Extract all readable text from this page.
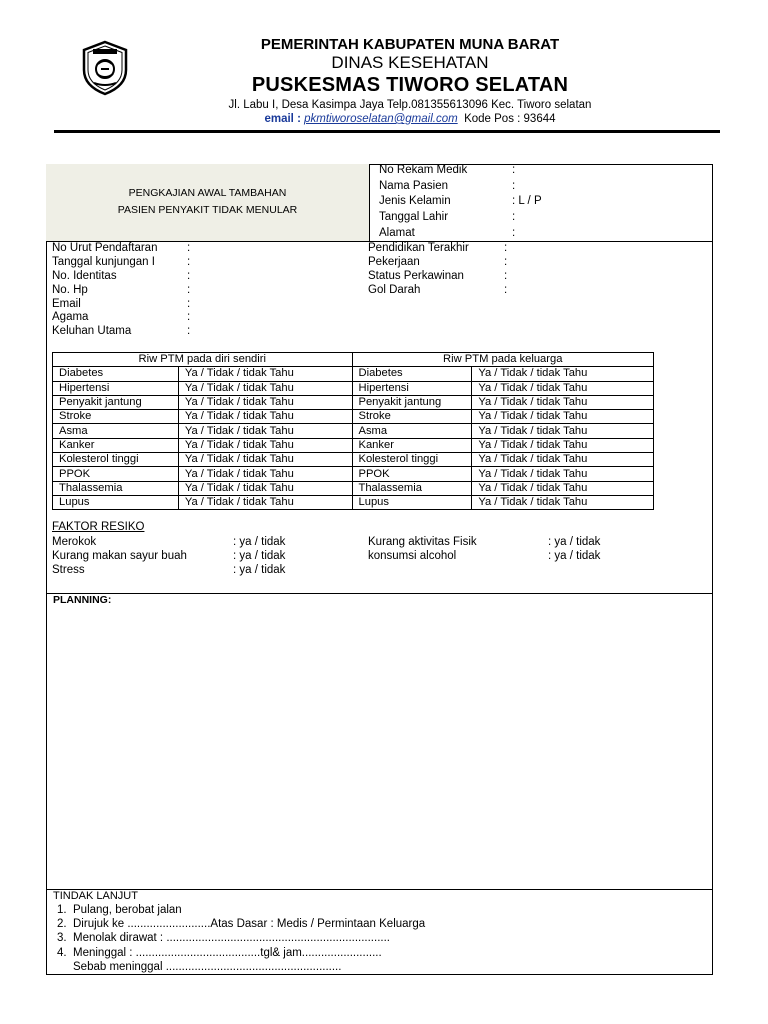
PEMERINTAH KABUPATEN MUNA BARAT
DINAS KESEHATAN
PUSKESMAS TIWORO SELATAN
Jl. Labu I, Desa Kasimpa Jaya Telp.081355613096 Kec. Tiworo selatan
email : pkmtiworoselatan@gmail.com  Kode Pos : 93644
PENGKAJIAN AWAL TAMBAHAN
PASIEN PENYAKIT TIDAK MENULAR
No Rekam Medik	:
Nama Pasien	:
Jenis Kelamin	: L / P
Tanggal Lahir	:
Alamat	:
No Urut Pendaftaran	:
Tanggal kunjungan I	:
No. Identitas	:
No. Hp	:
Email	:
Agama	:
Keluhan Utama	:
Pendidikan Terakhir	:
Pekerjaan	:
Status Perkawinan	:
Gol Darah	:
Riw PTM pada diri sendiri		Riw PTM pada keluarga	
Diabetes	Ya / Tidak / tidak Tahu	Diabetes	Ya / Tidak / tidak Tahu
Hipertensi	Ya / Tidak / tidak Tahu	Hipertensi	Ya / Tidak / tidak Tahu
Penyakit jantung	Ya / Tidak / tidak Tahu	Penyakit jantung	Ya / Tidak / tidak Tahu
Stroke	Ya / Tidak / tidak Tahu	Stroke	Ya / Tidak / tidak Tahu
Asma	Ya / Tidak / tidak Tahu	Asma	Ya / Tidak / tidak Tahu
Kanker	Ya / Tidak / tidak Tahu	Kanker	Ya / Tidak / tidak Tahu
Kolesterol tinggi	Ya / Tidak / tidak Tahu	Kolesterol tinggi	Ya / Tidak / tidak Tahu
PPOK	Ya / Tidak / tidak Tahu	PPOK	Ya / Tidak / tidak Tahu
Thalassemia	Ya / Tidak / tidak Tahu	Thalassemia	Ya / Tidak / tidak Tahu
Lupus	Ya / Tidak / tidak Tahu	Lupus	Ya / Tidak / tidak Tahu
FAKTOR RESIKO
Merokok	: ya / tidak
Kurang makan sayur buah	: ya / tidak
Stress	: ya / tidak
Kurang aktivitas Fisik	: ya / tidak
konsumsi alcohol	: ya / tidak
PLANNING:
TINDAK LANJUT
1. Pulang, berobat jalan
2. Dirujuk ke ..........................Atas Dasar : Medis / Permintaan Keluarga
3. Menolak dirawat : ......................................................................
4. Meninggal : .......................................tgl& jam.........................
Sebab meninggal .......................................................
